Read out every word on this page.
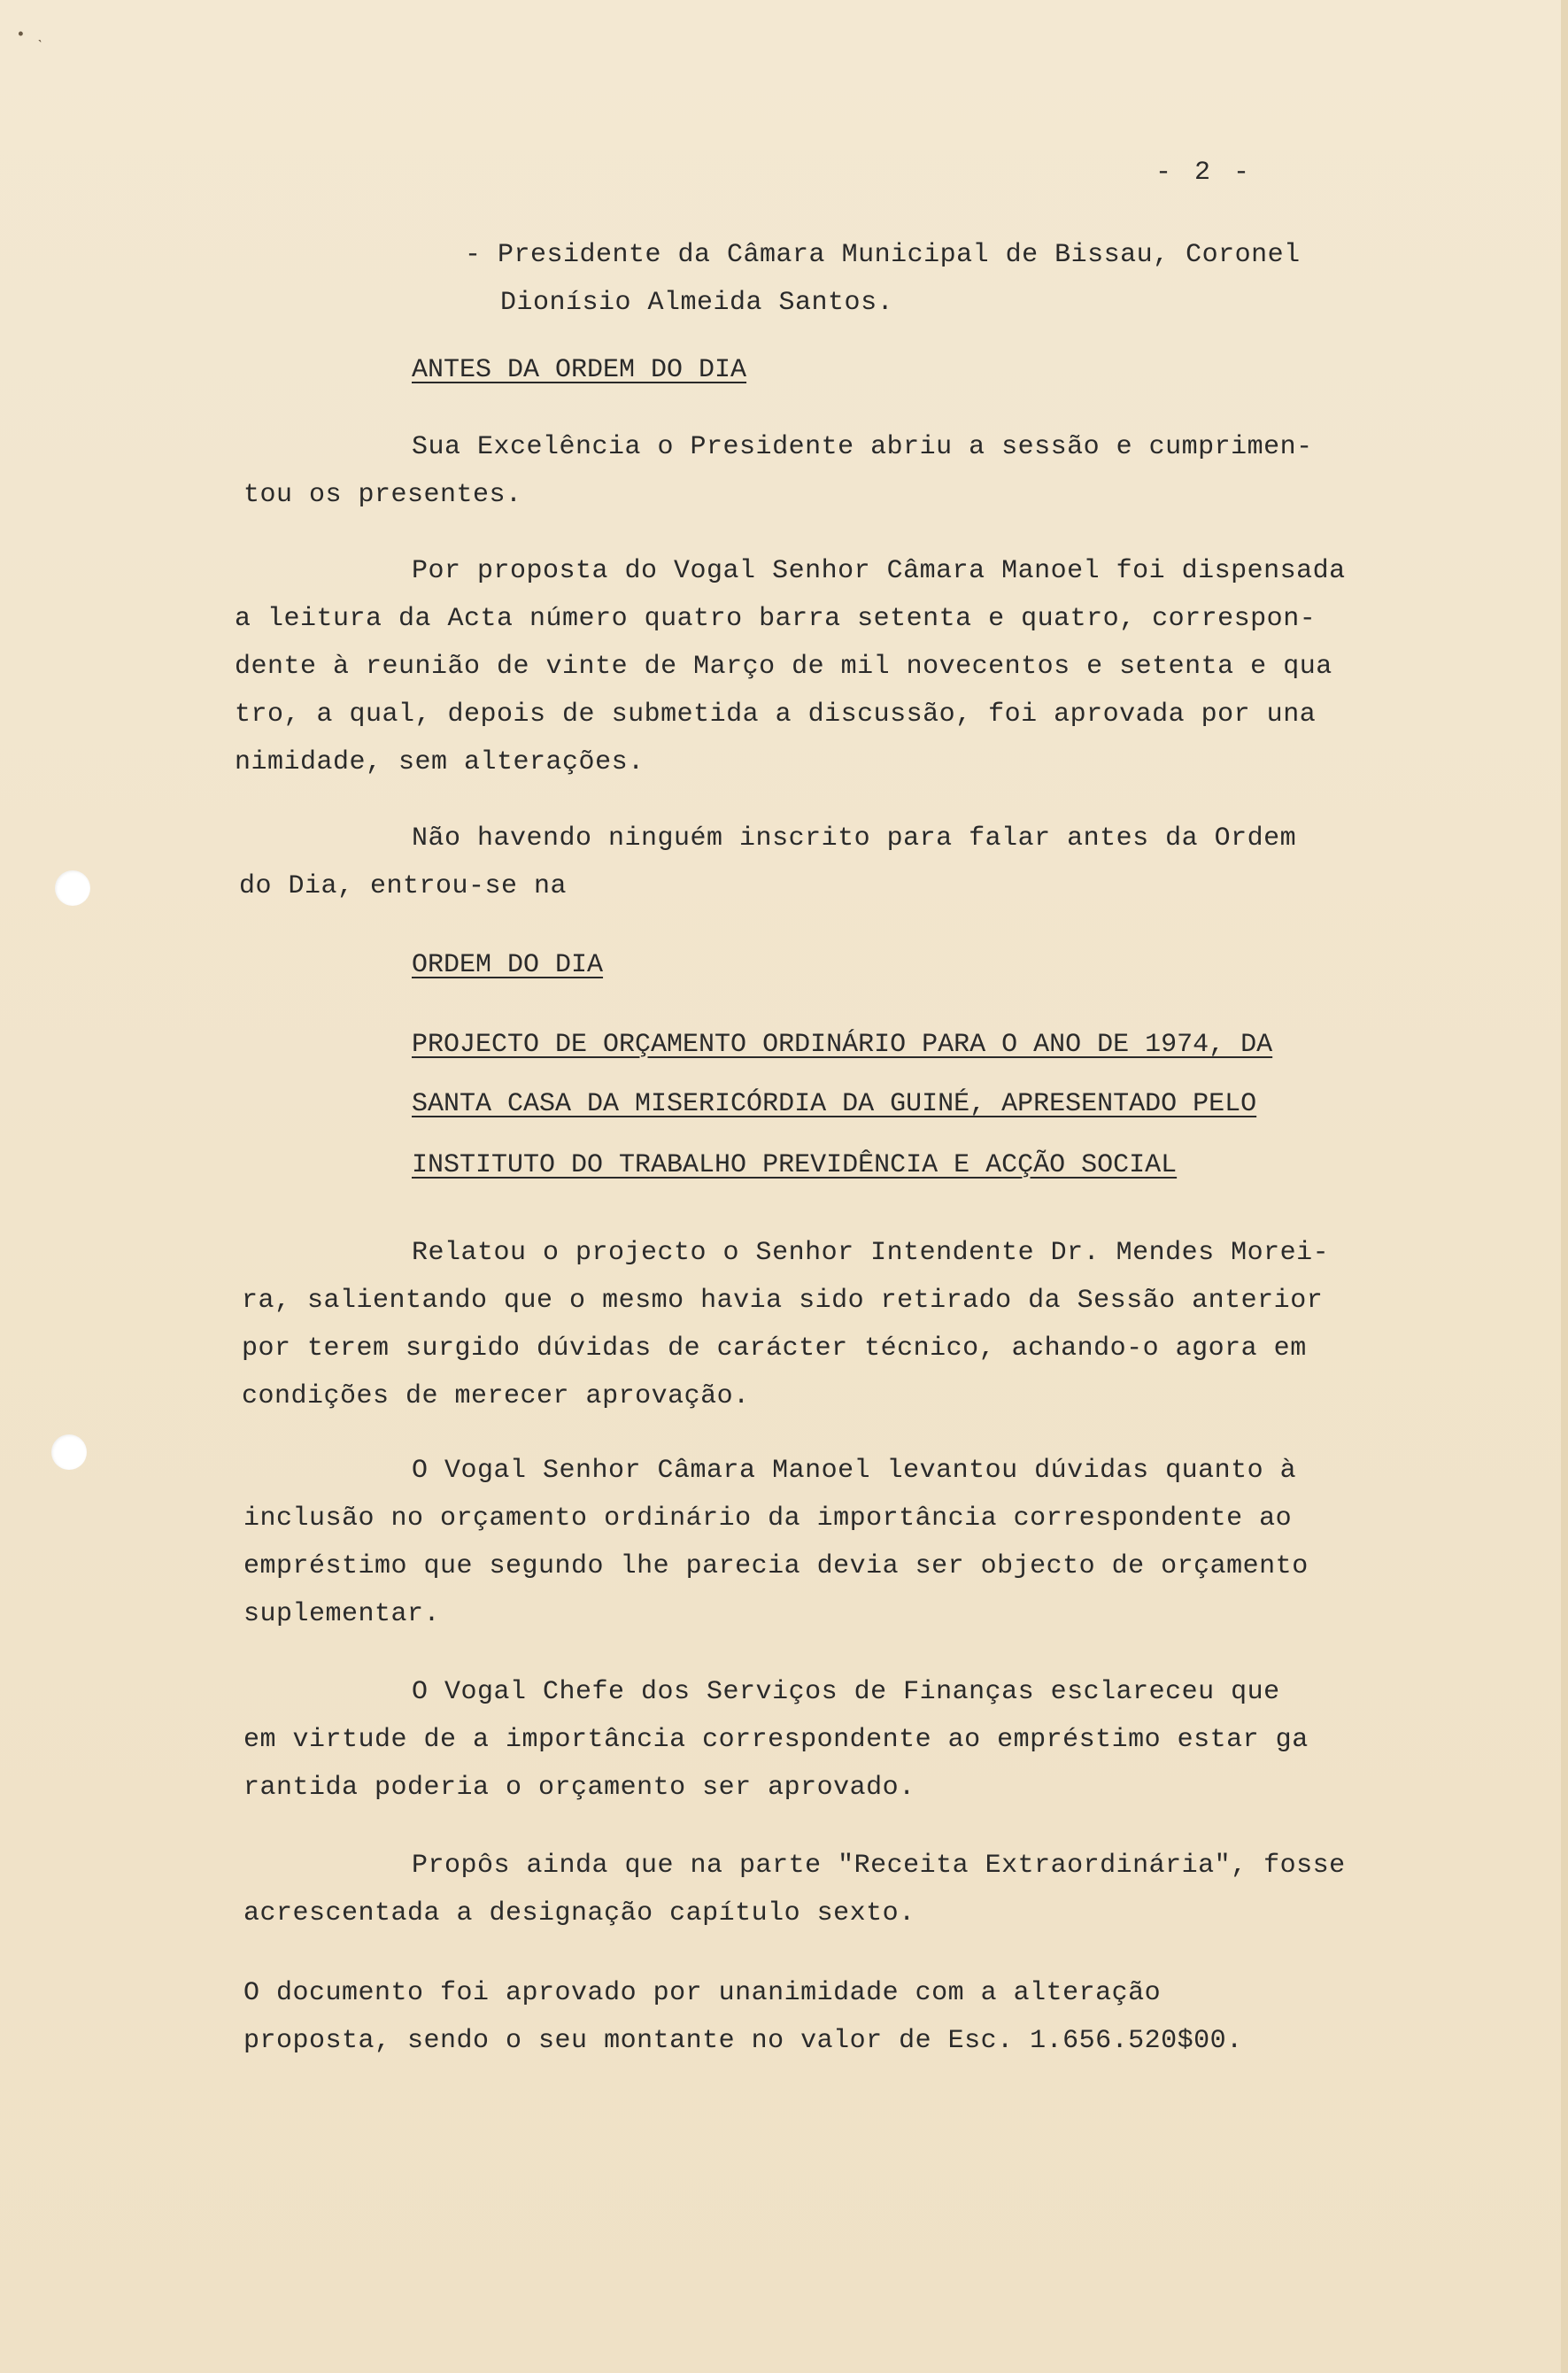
• ˎ
- 2 -
- Presidente da Câmara Municipal de Bissau, Coronel
Dionísio Almeida Santos.
ANTES DA ORDEM DO DIA
Sua Excelência o Presidente abriu a sessão e cumprimen-
tou os presentes.
Por proposta do Vogal Senhor Câmara Manoel foi dispensada
a leitura da Acta número quatro barra setenta e quatro, correspon-
dente à reunião de vinte de Março de mil novecentos e setenta e qua
tro, a qual, depois de submetida a discussão, foi aprovada por una
nimidade, sem alterações.
Não havendo ninguém inscrito para falar antes da Ordem
do Dia, entrou-se na
ORDEM DO DIA
PROJECTO DE ORÇAMENTO ORDINÁRIO PARA O ANO DE 1974, DA
SANTA CASA DA MISERICÓRDIA DA GUINÉ, APRESENTADO PELO
INSTITUTO DO TRABALHO PREVIDÊNCIA E ACÇÃO SOCIAL
Relatou o projecto o Senhor Intendente Dr. Mendes Morei-
ra, salientando que o mesmo havia sido retirado da Sessão anterior
por terem surgido dúvidas de carácter técnico, achando-o agora em
condições de merecer aprovação.
O Vogal Senhor Câmara Manoel levantou dúvidas quanto à
inclusão no orçamento ordinário da importância correspondente ao
empréstimo que segundo lhe parecia devia ser objecto de orçamento
suplementar.
O Vogal Chefe dos Serviços de Finanças esclareceu que
em virtude de a importância correspondente ao empréstimo estar ga
rantida poderia o orçamento ser aprovado.
Propôs ainda que na parte "Receita Extraordinária", fosse
acrescentada a designação capítulo sexto.
O documento foi aprovado por unanimidade com a alteração
proposta, sendo o seu montante no valor de Esc. 1.656.520$00.
